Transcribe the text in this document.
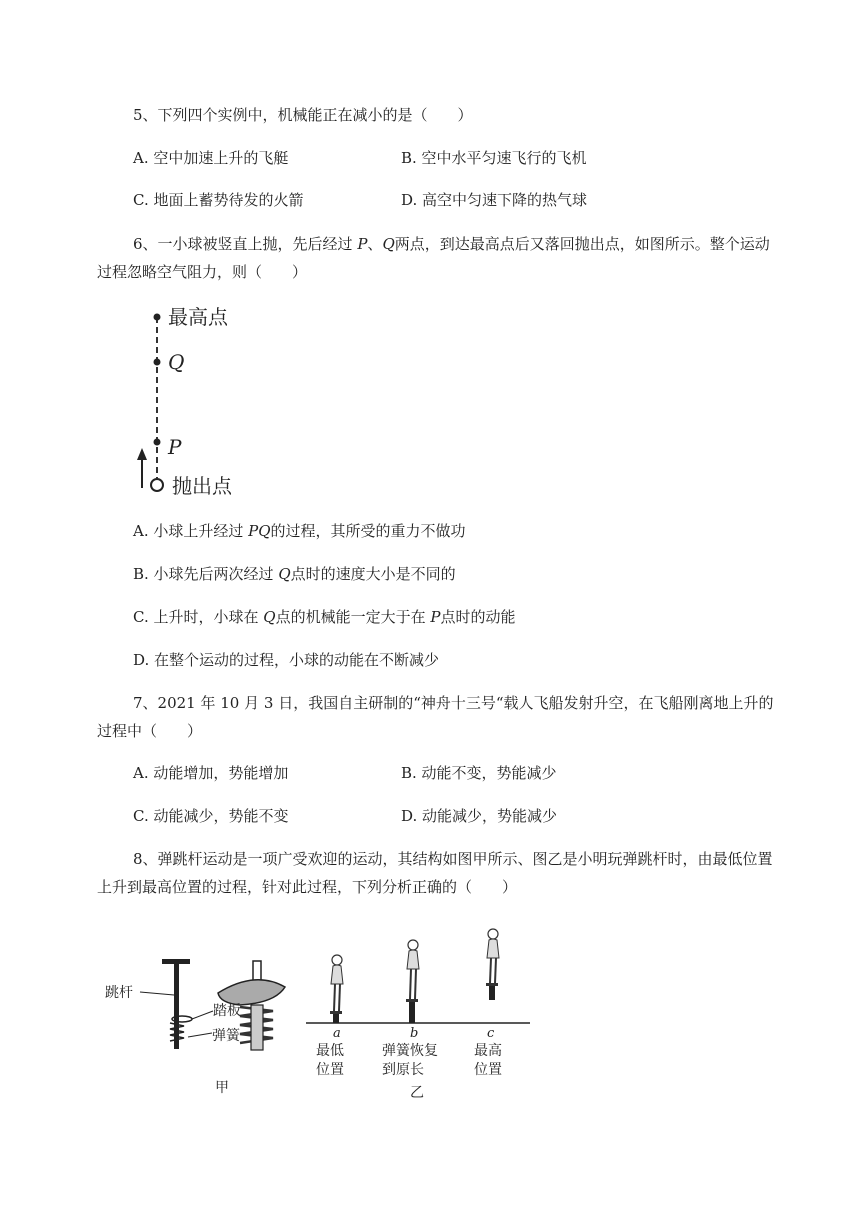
5、下列四个实例中，机械能正在减小的是（　　）
A. 空中加速上升的飞艇	B. 空中水平匀速飞行的飞机
C. 地面上蓄势待发的火箭	D. 高空中匀速下降的热气球
6、一小球被竖直上抛，先后经过 P、Q两点，到达最高点后又落回抛出点，如图所示。整个运动
过程忽略空气阻力，则（　　）
最高点
Q
P
抛出点
A. 小球上升经过 PQ的过程，其所受的重力不做功
B. 小球先后两次经过 Q点时的速度大小是不同的
C. 上升时，小球在 Q点的机械能一定大于在 P点时的动能
D. 在整个运动的过程，小球的动能在不断减少
7、2021 年 10 月 3 日，我国自主研制的“神舟十三号“载人飞船发射升空，在飞船刚离地上升的
过程中（　　）
A. 动能增加，势能增加	B. 动能不变，势能减少
C. 动能减少，势能不变	D. 动能减少，势能减少
8、弹跳杆运动是一项广受欢迎的运动，其结构如图甲所示、图乙是小明玩弹跳杆时，由最低位置
上升到最高位置的过程，针对此过程，下列分析正确的（　　）
跳杆
踏板
弹簧
甲
a
最低
位置
b
弹簧恢复
到原长
c
最高
位置
乙
